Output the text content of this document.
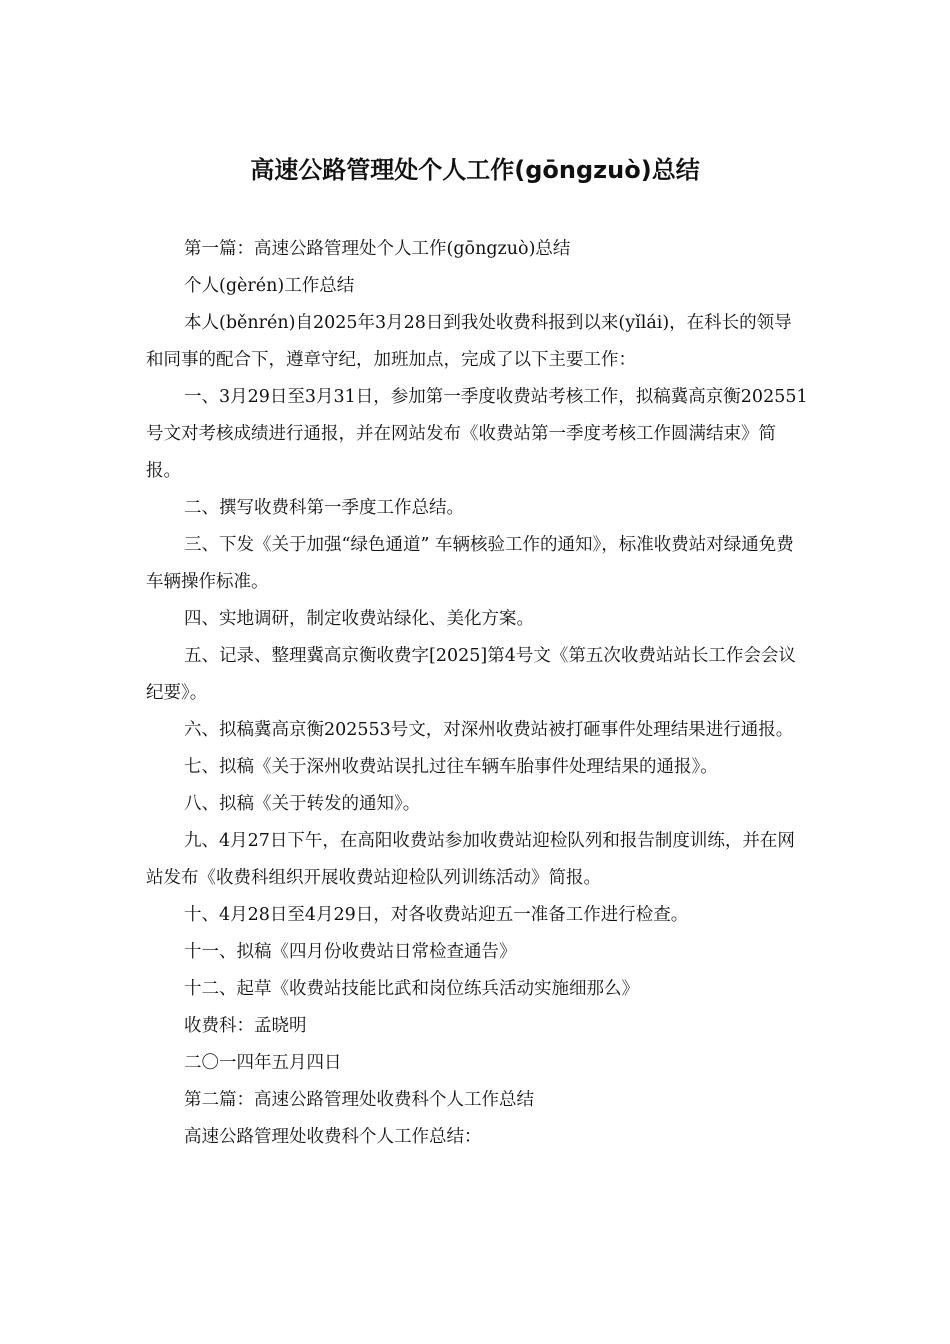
高速公路管理处个人工作(gōngzuò)总结

第一篇：高速公路管理处个人工作(gōngzuò)总结

个人(gèrén)工作总结

本人(běnrén)自2025年3月28日到我处收费科报到以来(yǐlái)，在科长的领导和同事的配合下，遵章守纪，加班加点，完成了以下主要工作：

一、3月29日至3月31日，参加第一季度收费站考核工作，拟稿冀高京衡202551号文对考核成绩进行通报，并在网站发布《收费站第一季度考核工作圆满结束》简报。

二、撰写收费科第一季度工作总结。

三、下发《关于加强“绿色通道” 车辆核验工作的通知》，标准收费站对绿通免费车辆操作标准。

四、实地调研，制定收费站绿化、美化方案。

五、记录、整理冀高京衡收费字[2025]第4号文《第五次收费站站长工作会会议纪要》。

六、拟稿冀高京衡202553号文，对深州收费站被打砸事件处理结果进行通报。

七、拟稿《关于深州收费站误扎过往车辆车胎事件处理结果的通报》。

八、拟稿《关于转发的通知》。

九、4月27日下午，在高阳收费站参加收费站迎检队列和报告制度训练，并在网站发布《收费科组织开展收费站迎检队列训练活动》简报。

十、4月28日至4月29日，对各收费站迎五一准备工作进行检查。

十一、拟稿《四月份收费站日常检查通告》

十二、起草《收费站技能比武和岗位练兵活动实施细那么》

收费科：孟晓明

二〇一四年五月四日

第二篇：高速公路管理处收费科个人工作总结

高速公路管理处收费科个人工作总结：
